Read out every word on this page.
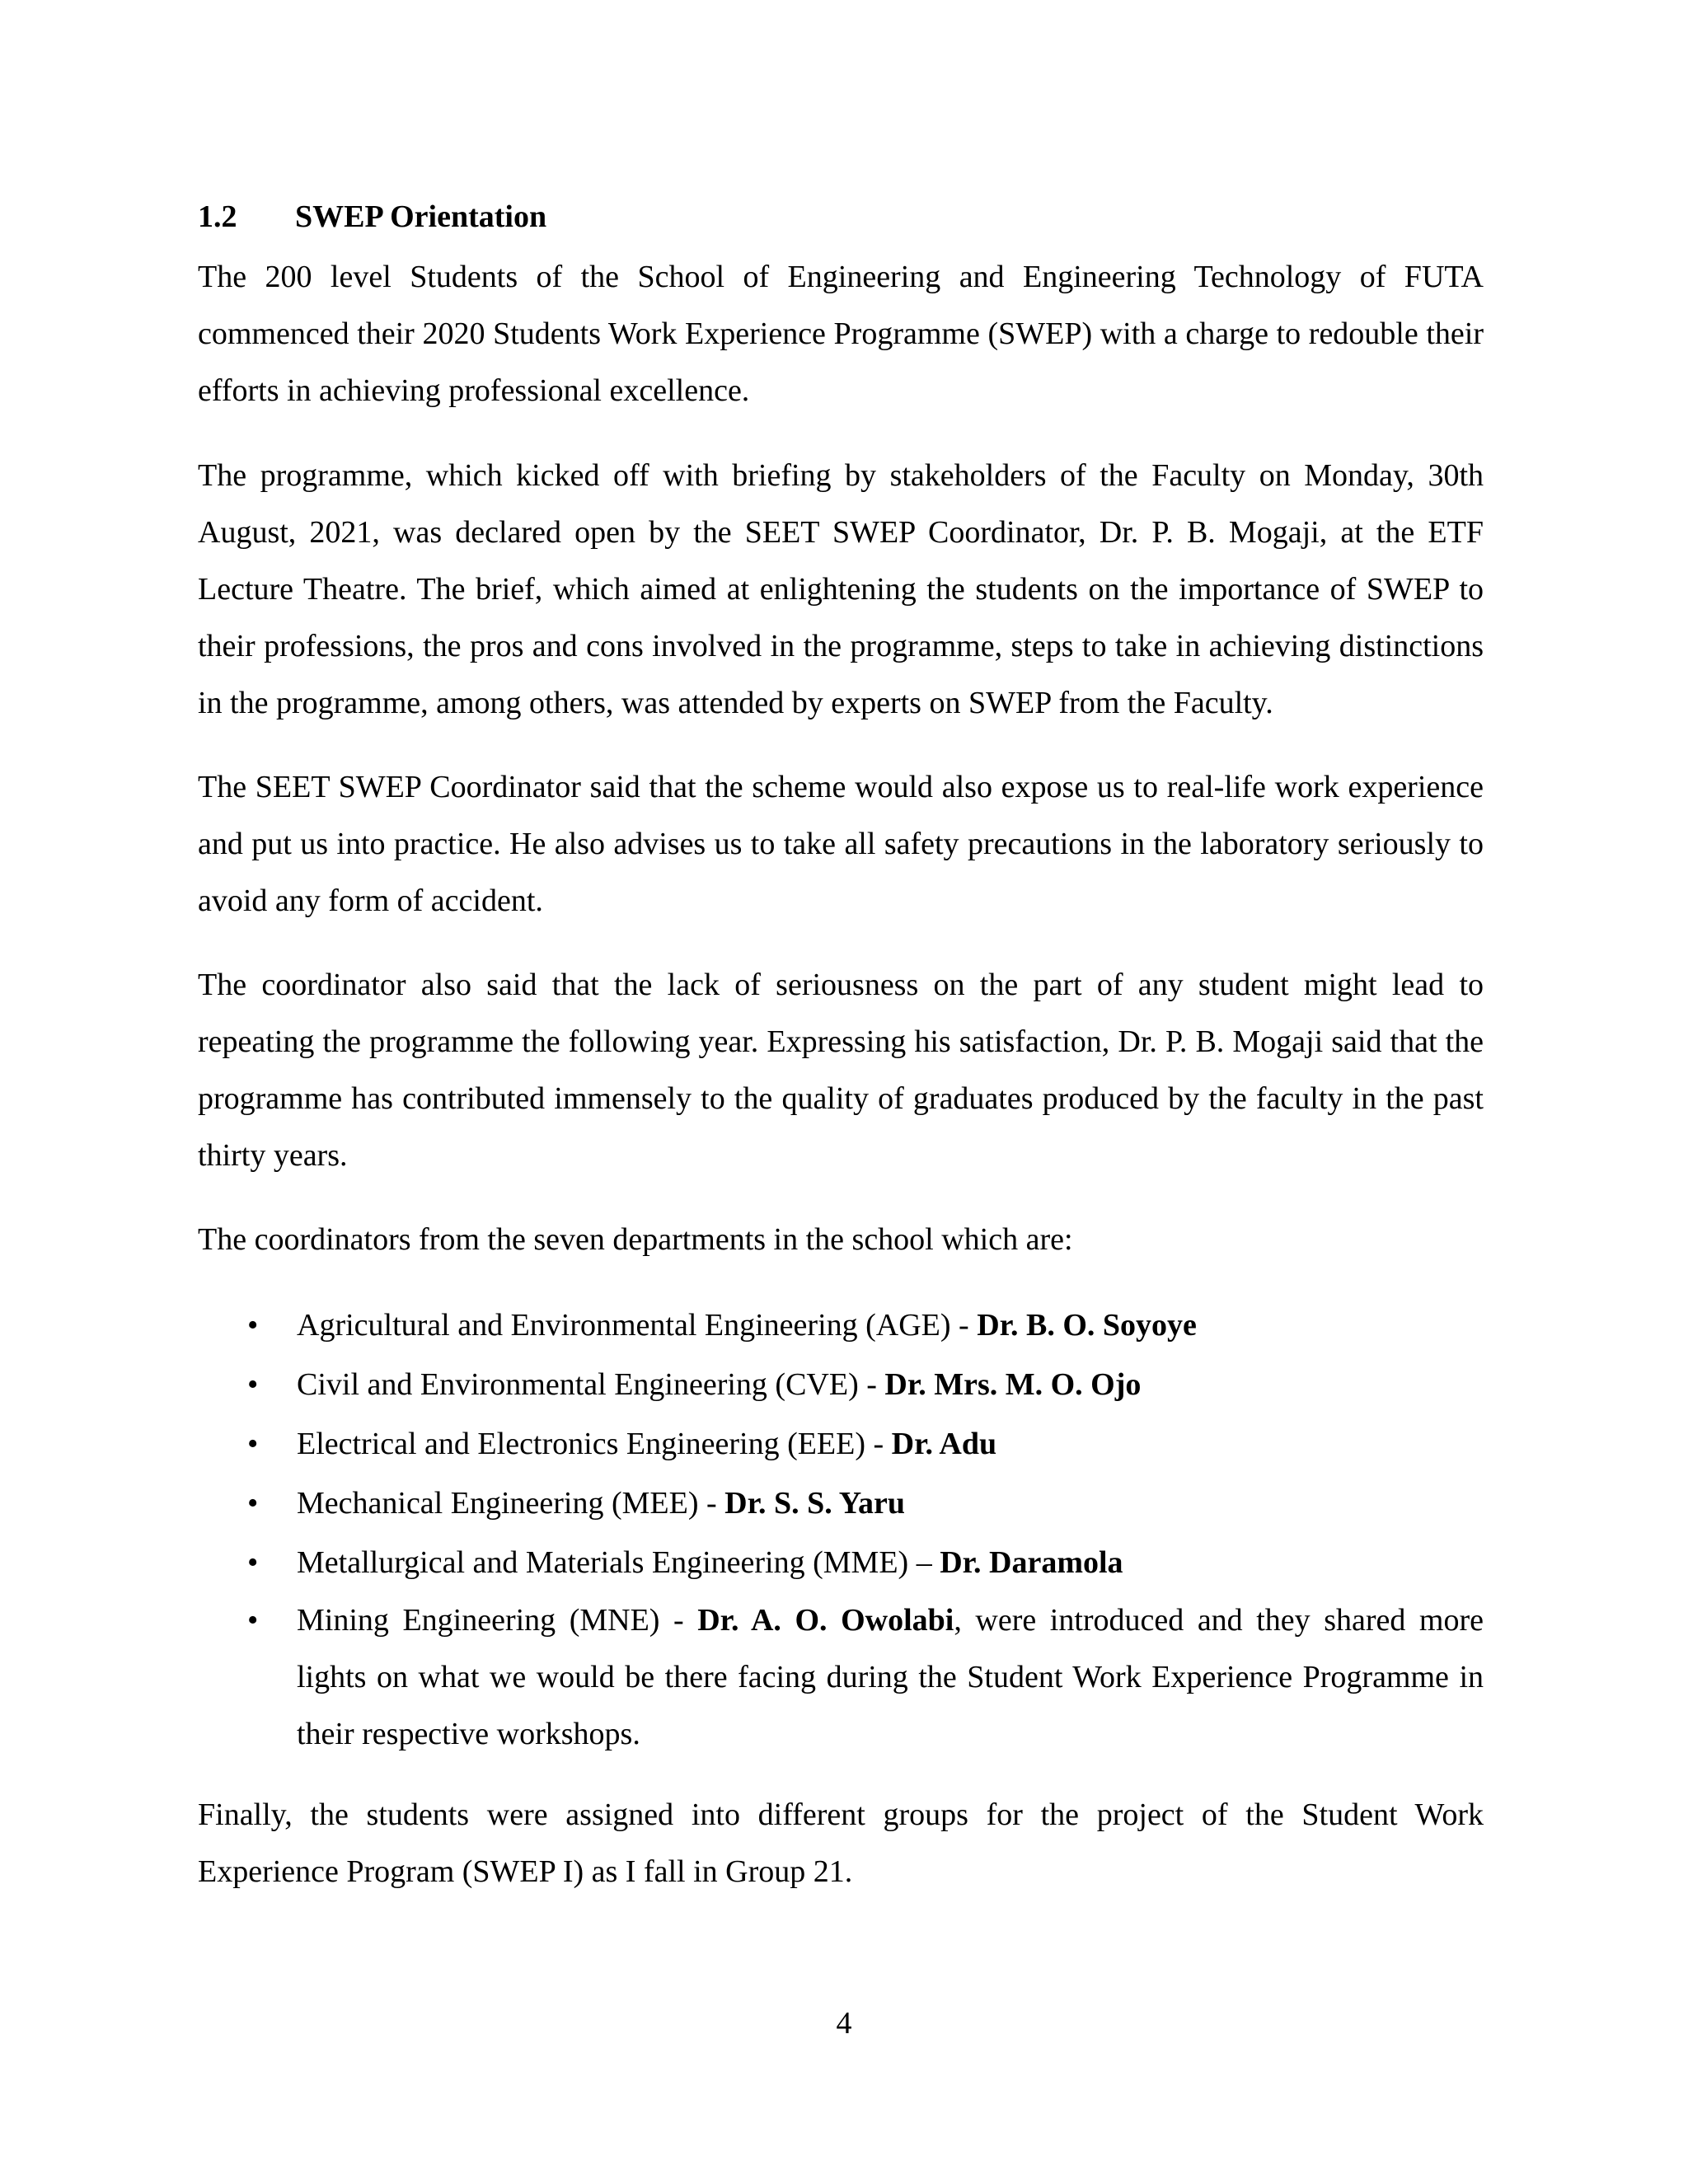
1.2 SWEP Orientation

The 200 level Students of the School of Engineering and Engineering Technology of FUTA commenced their 2020 Students Work Experience Programme (SWEP) with a charge to redouble their efforts in achieving professional excellence.

The programme, which kicked off with briefing by stakeholders of the Faculty on Monday, 30th August, 2021, was declared open by the SEET SWEP Coordinator, Dr. P. B. Mogaji, at the ETF Lecture Theatre. The brief, which aimed at enlightening the students on the importance of SWEP to their professions, the pros and cons involved in the programme, steps to take in achieving distinctions in the programme, among others, was attended by experts on SWEP from the Faculty.

The SEET SWEP Coordinator said that the scheme would also expose us to real-life work experience and put us into practice. He also advises us to take all safety precautions in the laboratory seriously to avoid any form of accident.

The coordinator also said that the lack of seriousness on the part of any student might lead to repeating the programme the following year. Expressing his satisfaction, Dr. P. B. Mogaji said that the programme has contributed immensely to the quality of graduates produced by the faculty in the past thirty years.

The coordinators from the seven departments in the school which are:

•	Agricultural and Environmental Engineering (AGE) - Dr. B. O. Soyoye
•	Civil and Environmental Engineering (CVE) - Dr. Mrs. M. O. Ojo
•	Electrical and Electronics Engineering (EEE) - Dr. Adu
•	Mechanical Engineering (MEE) - Dr. S. S. Yaru
•	Metallurgical and Materials Engineering (MME) – Dr. Daramola
•	Mining Engineering (MNE) - Dr. A. O. Owolabi, were introduced and they shared more lights on what we would be there facing during the Student Work Experience Programme in their respective workshops.

Finally, the students were assigned into different groups for the project of the Student Work Experience Program (SWEP I) as I fall in Group 21.

4
